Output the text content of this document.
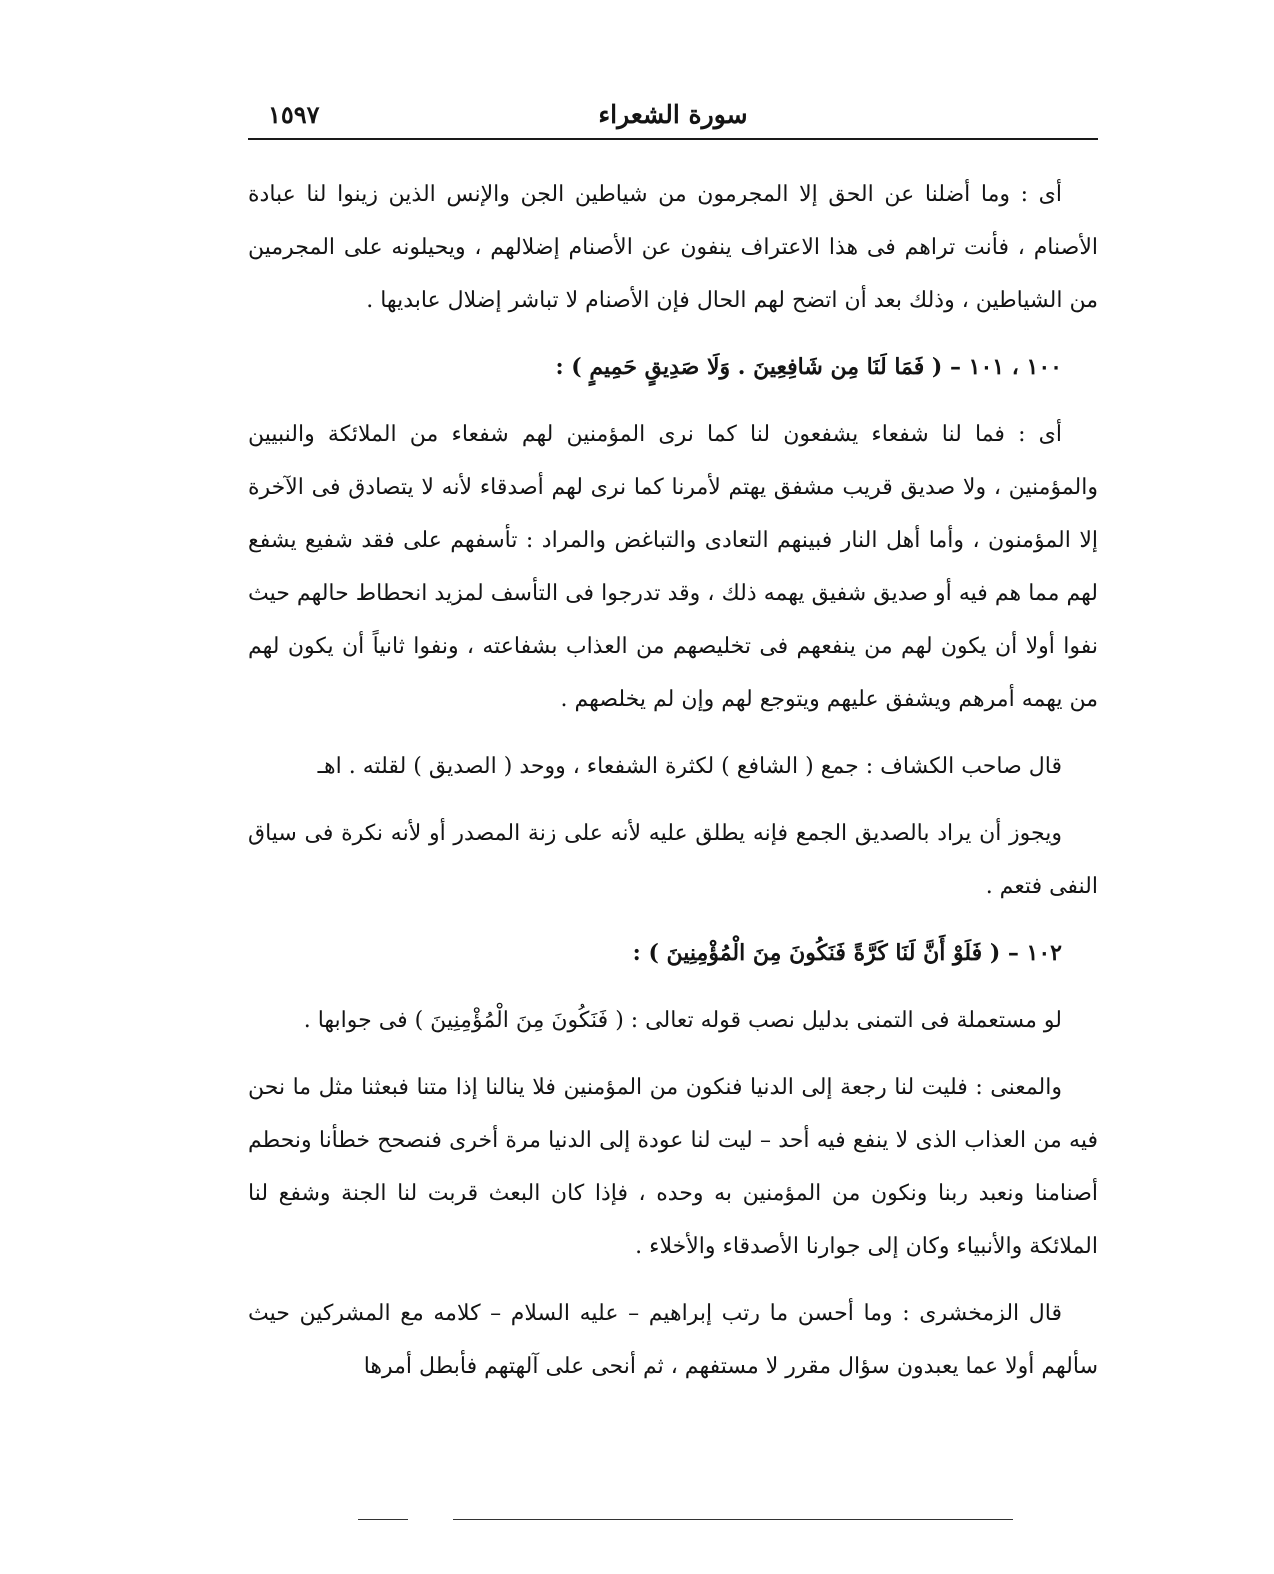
سورة الشعراء
١٥٩٧

أى : وما أضلنا عن الحق إلا المجرمون من شياطين الجن والإنس الذين زينوا لنا عبادة الأصنام ، فأنت تراهم فى هذا الاعتراف ينفون عن الأصنام إضلالهم ، ويحيلونه على المجرمين من الشياطين ، وذلك بعد أن اتضح لهم الحال فإن الأصنام لا تباشر إضلال عابديها .

١٠٠ ، ١٠١ – ( فَمَا لَنَا مِن شَافِعِينَ . وَلَا صَدِيقٍ حَمِيمٍ ) :

أى : فما لنا شفعاء يشفعون لنا كما نرى المؤمنين لهم شفعاء من الملائكة والنبيين والمؤمنين ، ولا صديق قريب مشفق يهتم لأمرنا كما نرى لهم أصدقاء لأنه لا يتصادق فى الآخرة إلا المؤمنون ، وأما أهل النار فبينهم التعادى والتباغض والمراد : تأسفهم على فقد شفيع يشفع لهم مما هم فيه أو صديق شفيق يهمه ذلك ، وقد تدرجوا فى التأسف لمزيد انحطاط حالهم حيث نفوا أولا أن يكون لهم من ينفعهم فى تخليصهم من العذاب بشفاعته ، ونفوا ثانياً أن يكون لهم من يهمه أمرهم ويشفق عليهم ويتوجع لهم وإن لم يخلصهم .

قال صاحب الكشاف : جمع ( الشافع ) لكثرة الشفعاء ، ووحد ( الصديق ) لقلته . اهـ

ويجوز أن يراد بالصديق الجمع فإنه يطلق عليه لأنه على زنة المصدر أو لأنه نكرة فى سياق النفى فتعم .

١٠٢ – ( فَلَوْ أَنَّ لَنَا كَرَّةً فَنَكُونَ مِنَ الْمُؤْمِنِينَ ) :

لو مستعملة فى التمنى بدليل نصب قوله تعالى : ( فَنَكُونَ مِنَ الْمُؤْمِنِينَ ) فى جوابها .

والمعنى : فليت لنا رجعة إلى الدنيا فنكون من المؤمنين فلا ينالنا إذا متنا فبعثنا مثل ما نحن فيه من العذاب الذى لا ينفع فيه أحد – ليت لنا عودة إلى الدنيا مرة أخرى فنصحح خطأنا ونحطم أصنامنا ونعبد ربنا ونكون من المؤمنين به وحده ، فإذا كان البعث قربت لنا الجنة وشفع لنا الملائكة والأنبياء وكان إلى جوارنا الأصدقاء والأخلاء .

قال الزمخشرى : وما أحسن ما رتب إبراهيم – عليه السلام – كلامه مع المشركين حيث سألهم أولا عما يعبدون سؤال مقرر لا مستفهم ، ثم أنحى على آلهتهم فأبطل أمرها
